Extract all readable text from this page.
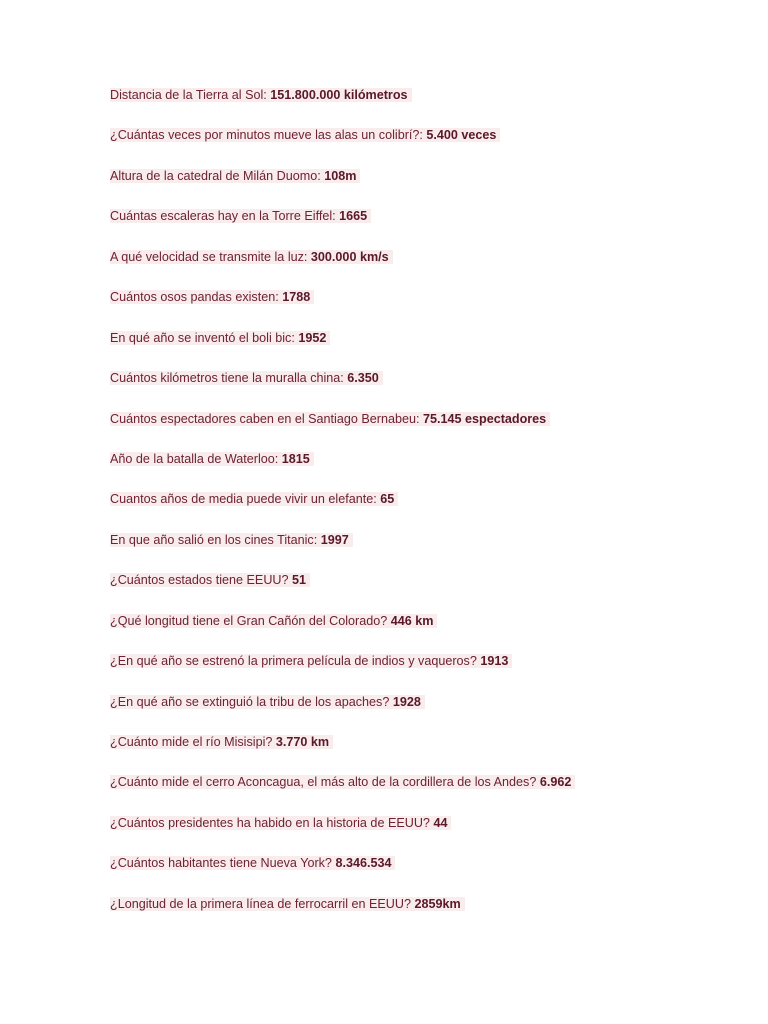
Distancia de la Tierra al Sol: 151.800.000 kilómetros
¿Cuántas veces por minutos mueve las alas un colibrí?: 5.400 veces
Altura de la catedral de Milán Duomo: 108m
Cuántas escaleras hay en la Torre Eiffel: 1665
A qué velocidad se transmite la luz: 300.000 km/s
Cuántos osos pandas existen: 1788
En qué año se inventó el boli bic: 1952
Cuántos kilómetros tiene la muralla china: 6.350
Cuántos espectadores caben en el Santiago Bernabeu: 75.145 espectadores
Año de la batalla de Waterloo: 1815
Cuantos años de media puede vivir un elefante: 65
En que año salió en los cines Titanic: 1997
¿Cuántos estados tiene EEUU? 51
¿Qué longitud tiene el Gran Cañón del Colorado? 446 km
¿En qué año se estrenó la primera película de indios y vaqueros? 1913
¿En qué año se extinguió la tribu de los apaches? 1928
¿Cuánto mide el río Misisipi? 3.770 km
¿Cuánto mide el cerro Aconcagua, el más alto de la cordillera de los Andes? 6.962
¿Cuántos presidentes ha habido en la historia de EEUU? 44
¿Cuántos habitantes tiene Nueva York? 8.346.534
¿Longitud de la primera línea de ferrocarril en EEUU? 2859km
